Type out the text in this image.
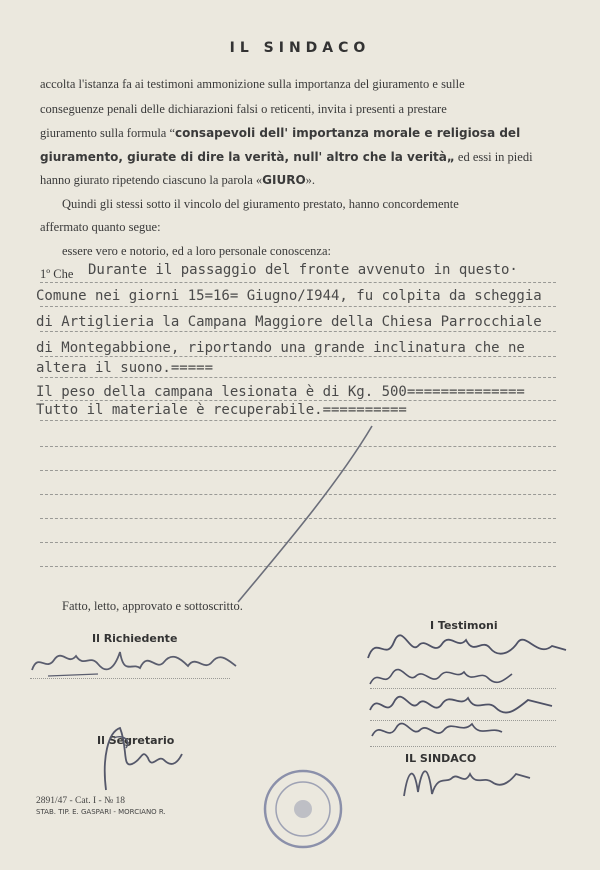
IL SINDACO
accolta l'istanza fa ai testimoni ammonizione sulla importanza del giuramento e sulle
conseguenze penali delle dichiarazioni falsi o reticenti, invita i presenti a prestare
giuramento sulla formula “consapevoli dell' importanza morale e religiosa del
giuramento, giurate di dire la verità, null' altro che la verità„ ed essi in piedi
hanno giurato ripetendo ciascuno la parola «GIURO».
Quindi gli stessi sotto il vincolo del giuramento prestato, hanno concordemente
affermato quanto segue:
essere vero e notorio, ed a loro personale conoscenza:
1º Che Durante il passaggio del fronte avvenuto in questo·
Comune nei giorni 15=16= Giugno/I944, fu colpita da scheggia
di Artiglieria la Campana Maggiore della Chiesa Parrocchiale
di Montegabbione, riportando una grande inclinatura che ne
altera il suono.=====
Il peso della campana lesionata è di Kg. 500==============
Tutto il materiale è recuperabile.==========
Fatto, letto, approvato e sottoscritto.
Il Richiedente
I Testimoni
Il Segretario
IL SINDACO
2891/47 - Cat. I - № 18
STAB. TIP. E. GASPARI - MORCIANO R.
